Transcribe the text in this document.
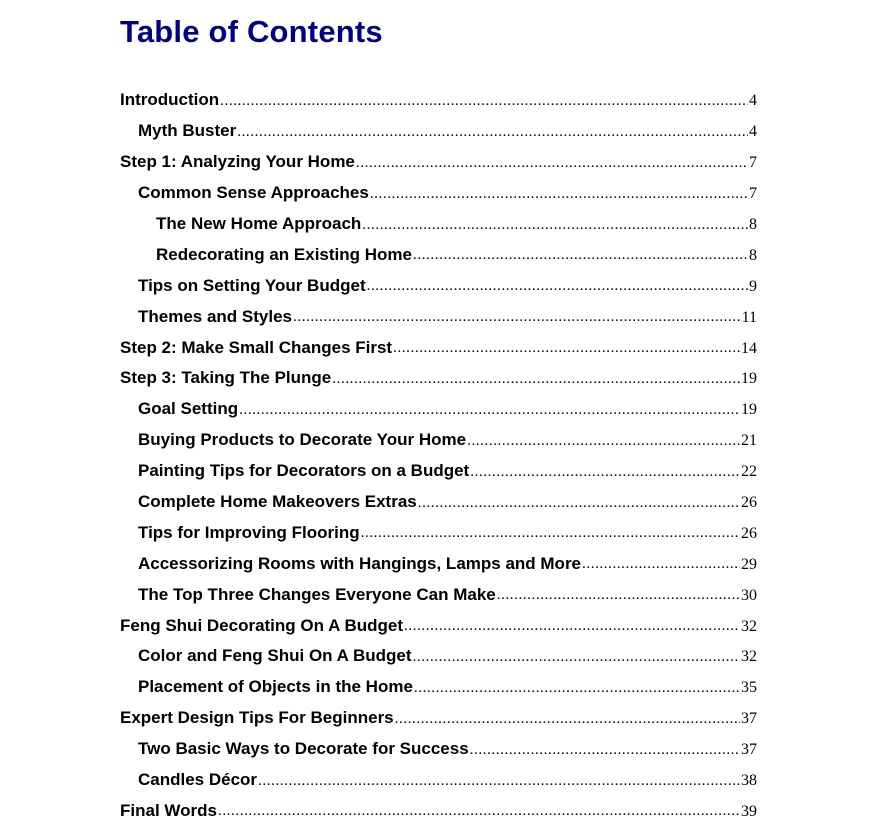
Table of Contents
Introduction .....	4
Myth Buster .....	4
Step 1: Analyzing Your Home .....	7
Common Sense Approaches .....	7
The New Home Approach .....	8
Redecorating an Existing Home .....	8
Tips on Setting Your Budget .....	9
Themes and Styles .....	11
Step 2: Make Small Changes First .....	14
Step 3: Taking The Plunge .....	19
Goal Setting .....	19
Buying Products to Decorate Your Home .....	21
Painting Tips for Decorators on a Budget .....	22
Complete Home Makeovers Extras .....	26
Tips for Improving Flooring .....	26
Accessorizing Rooms with Hangings, Lamps and More .....	29
The Top Three Changes Everyone Can Make .....	30
Feng Shui Decorating On A Budget .....	32
Color and Feng Shui On A Budget .....	32
Placement of Objects in the Home .....	35
Expert Design Tips For Beginners .....	37
Two Basic Ways to Decorate for Success .....	37
Candles Décor .....	38
Final Words .....	39
